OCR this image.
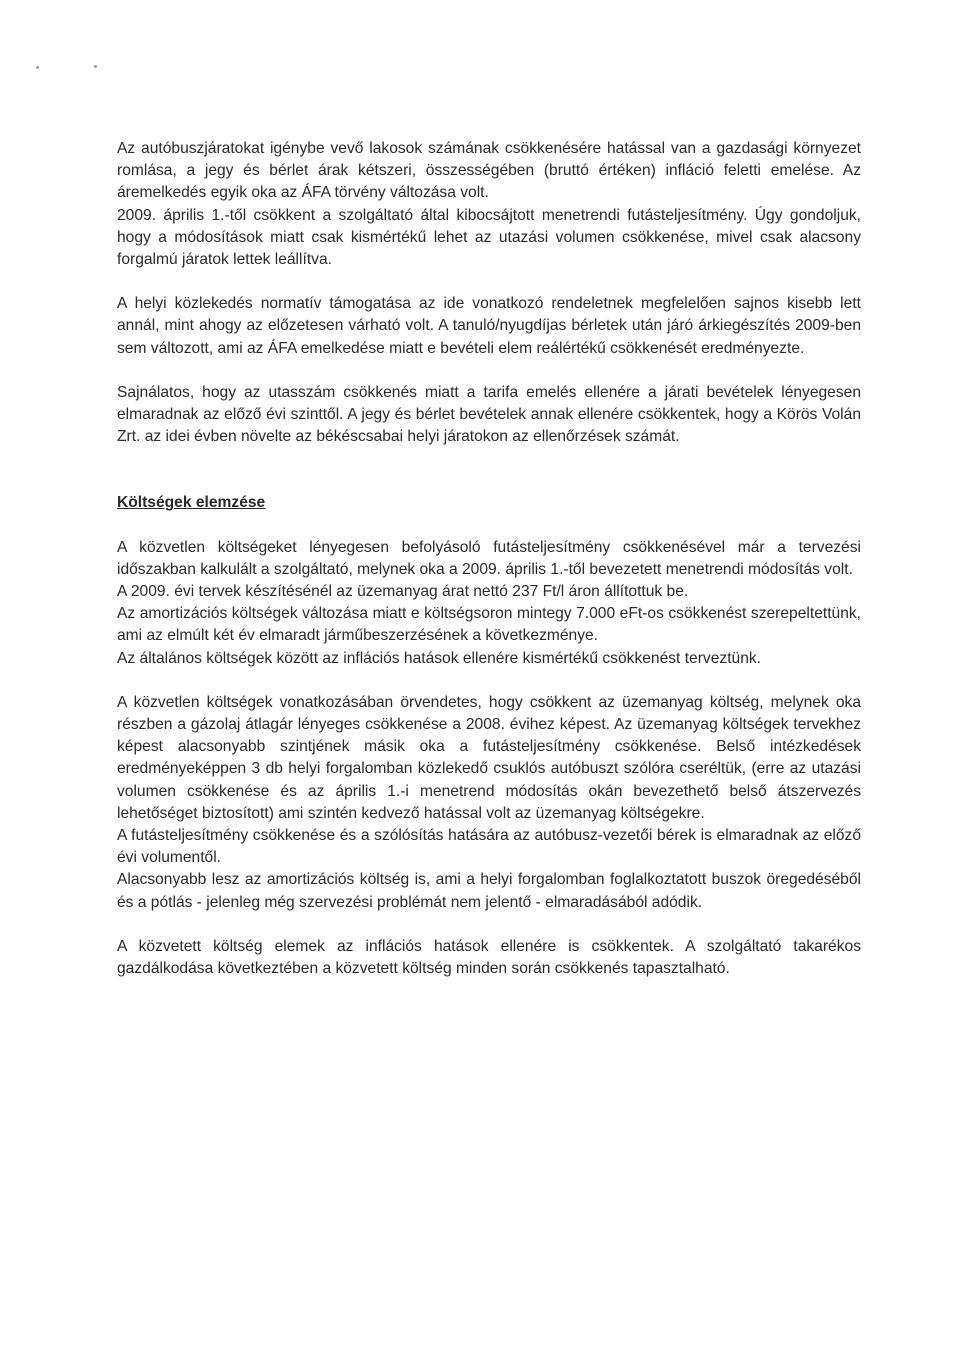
Az autóbuszjáratokat igénybe vevő lakosok számának csökkenésére hatással van a gazdasági környezet romlása, a jegy és bérlet árak kétszeri, összességében (bruttó értéken) infláció feletti emelése. Az áremelkedés egyik oka az ÁFA törvény változása volt.

2009. április 1.-től csökkent a szolgáltató által kibocsájtott menetrendi futásteljesítmény. Úgy gondoljuk, hogy a módosítások miatt csak kismértékű lehet az utazási volumen csökkenése, mivel csak alacsony forgalmú járatok lettek leállítva.

A helyi közlekedés normatív támogatása az ide vonatkozó rendeletnek megfelelően sajnos kisebb lett annál, mint ahogy az előzetesen várható volt. A tanuló/nyugdíjas bérletek után járó árkiegészítés 2009-ben sem változott, ami az ÁFA emelkedése miatt e bevételi elem reálértékű csökkenését eredményezte.

Sajnálatos, hogy az utasszám csökkenés miatt a tarifa emelés ellenére a járati bevételek lényegesen elmaradnak az előző évi szinttől. A jegy és bérlet bevételek annak ellenére csökkentek, hogy a Körös Volán Zrt. az idei évben növelte az békéscsabai helyi járatokon az ellenőrzések számát.

Költségek elemzése

A közvetlen költségeket lényegesen befolyásoló futásteljesítmény csökkenésével már a tervezési időszakban kalkulált a szolgáltató, melynek oka a 2009. április 1.-től bevezetett menetrendi módosítás volt.

A 2009. évi tervek készítésénél az üzemanyag árat nettó 237 Ft/l áron állítottuk be.

Az amortizációs költségek változása miatt e költségsoron mintegy 7.000 eFt-os csökkenést szerepeltettünk, ami az elmúlt két év elmaradt járműbeszerzésének a következménye.

Az általános költségek között az inflációs hatások ellenére kismértékű csökkenést terveztünk.

A közvetlen költségek vonatkozásában örvendetes, hogy csökkent az üzemanyag költség, melynek oka részben a gázolaj átlagár lényeges csökkenése a 2008. évihez képest. Az üzemanyag költségek tervekhez képest alacsonyabb szintjének másik oka a futásteljesítmény csökkenése. Belső intézkedések eredményeképpen 3 db helyi forgalomban közlekedő csuklós autóbuszt szólóra cseréltük, (erre az utazási volumen csökkenése és az április 1.-i menetrend módosítás okán bevezethető belső átszervezés lehetőséget biztosított) ami szintén kedvező hatással volt az üzemanyag költségekre.

A futásteljesítmény csökkenése és a szólósítás hatására az autóbusz-vezetői bérek is elmaradnak az előző évi volumentől.

Alacsonyabb lesz az amortizációs költség is, ami a helyi forgalomban foglalkoztatott buszok öregedéséből és a pótlás - jelenleg még szervezési problémát nem jelentő - elmaradásából adódik.

A közvetett költség elemek az inflációs hatások ellenére is csökkentek. A szolgáltató takarékos gazdálkodása következtében a közvetett költség minden során csökkenés tapasztalható.
